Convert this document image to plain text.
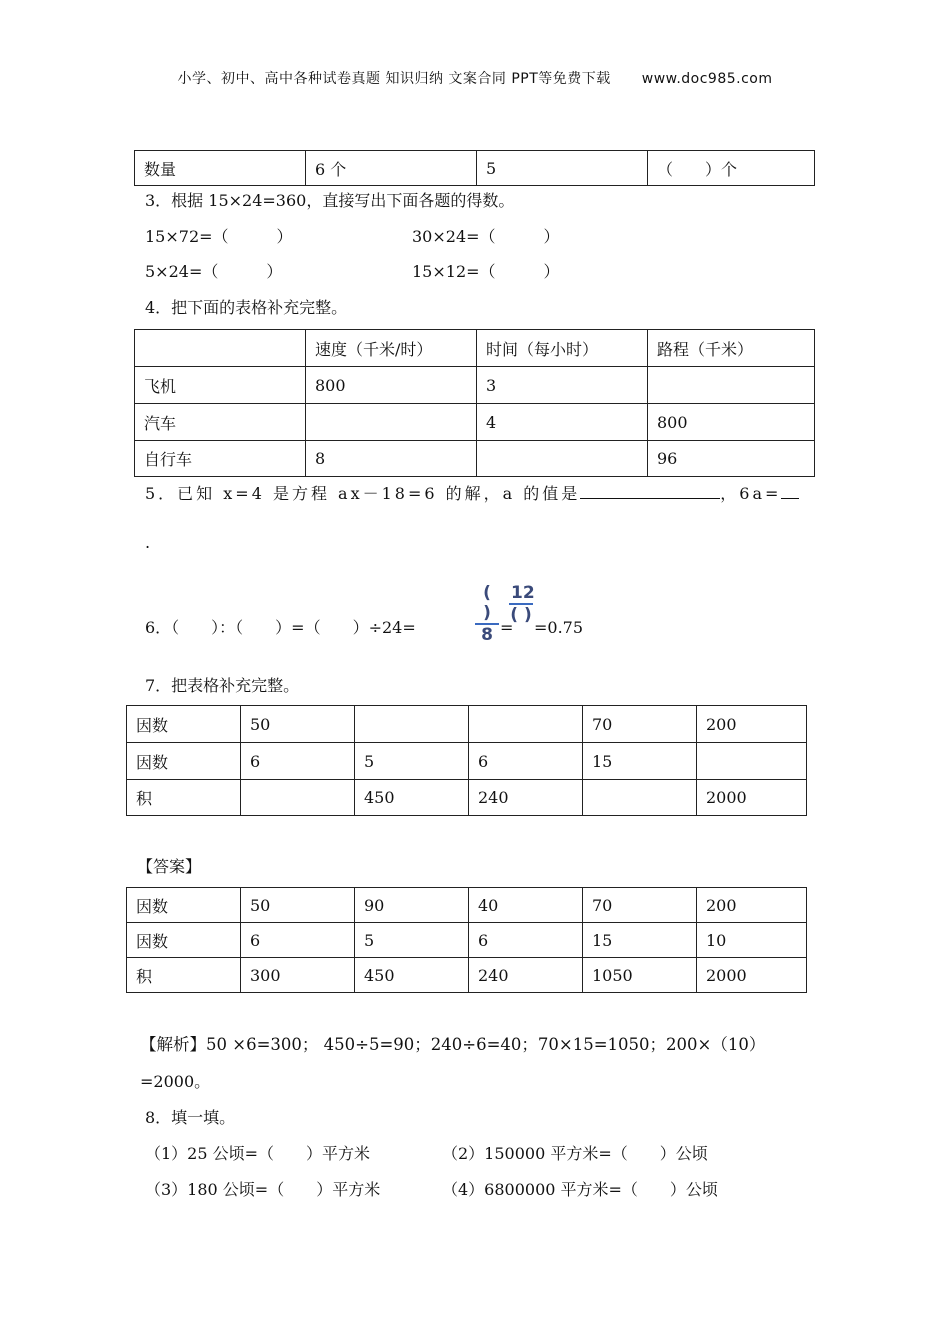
小学、初中、高中各种试卷真题 知识归纳 文案合同 PPT等免费下载 www.doc985.com
数量	6 个	5	（　　）个
3．根据 15×24=360，直接写出下面各题的得数。
15×72=（　　　）	30×24=（　　　）
5×24=（　　　）	15×12=（　　　）
4．把下面的表格补充完整。
	速度（千米/时）	时间（每小时）	路程（千米）
飞机	800	3	
汽车		4	800
自行车	8		96
5．已知 x=4 是方程 ax－18=6 的解，a 的值是	，6a=
.
6．（　　）：（　　）=（　　）÷24=
( )
8 =
12
( )
=0.75
7．把表格补充完整。
因数	50			70	200
因数	6	5	6	15	
积		450	240		2000
【答案】
因数	50	90	40	70	200
因数	6	5	6	15	10
积	300	450	240	1050	2000
【解析】50 ×6=300； 450÷5=90；240÷6=40；70×15=1050；200×（10）
=2000。
8．填一填。
（1）25 公顷=（　　）平方米	（2）150000 平方米=（　　）公顷
（3）180 公顷=（　　）平方米	（4）6800000 平方米=（　　）公顷
